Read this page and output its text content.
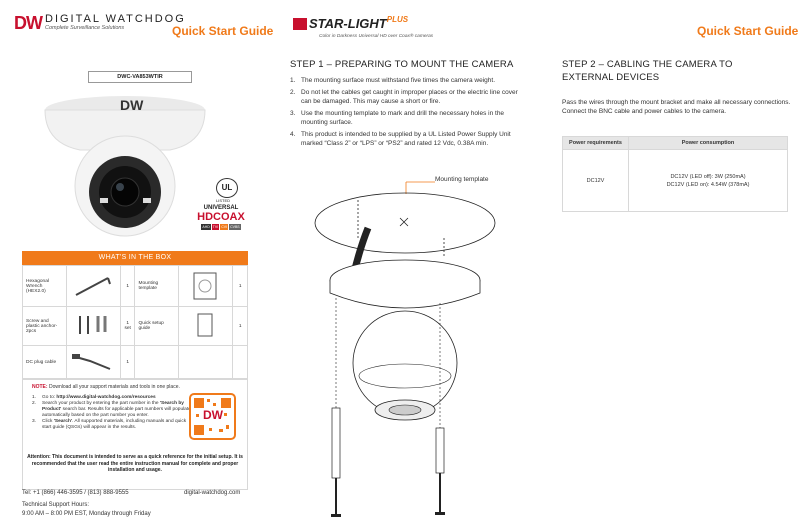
DW DIGITAL WATCHDOG
Complete Surveillance Solutions	Quick Start Guide
DWC-VA853WTIR
DW
UL
LISTED
UNIVERSAL
HDCOAX
AHD TVI CVI CVBS
WHAT'S IN THE BOX
Hexagonal Wrench (HEX2.0)		1	Mounting template		1
Screw and plastic anchor-2pcs		1 set	Quick setup guide		1
DC plug cable		1			
NOTE: Download all your support materials and tools in one place.
1.	Go to: http://www.digital-watchdog.com/resources
2.	Search your product by entering the part number in the 'Search by Product' search bar. Results for applicable part numbers will populate automatically based on the part number you enter.
3.	Click 'Search'. All supported materials, including manuals and quick start guide (QSGs) will appear in the results.
DW
Attention: This document is intended to serve as a quick reference for the initial setup. It is recommended that the user read the entire instruction manual for complete and proper installation and usage.
Tel: +1 (866) 446-3595 / (813) 888-9555	digital-watchdog.com
Technical Support Hours:
9:00 AM – 8:00 PM EST, Monday through Friday
STAR-$LIGHT^{PLUS}$
Color in Darkness Universal HD over Coax® cameras	Quick Start Guide
STEP 1 – PREPARING TO MOUNT THE CAMERA
1. The mounting surface must withstand five times the camera weight.
2. Do not let the cables get caught in improper places or the electric line cover can be damaged. This may cause a short or fire.
3. Use the mounting template to mark and drill the necessary holes in the mounting surface.
4. This product is intended to be supplied by a UL Listed Power Supply Unit marked “Class 2” or “LPS” or “PS2” and rated 12 Vdc, 0.38A min.
Mounting template
STEP 2 – CABLING THE CAMERA TO
EXTERNAL DEVICES
Pass the wires through the mount bracket and make all necessary connections. Connect the BNC cable and power cables to the camera.
Power requirements	Power consumption
DC12V	DC12V (LED off): 3W (250mA)
DC12V (LED on): 4.54W (378mA)
